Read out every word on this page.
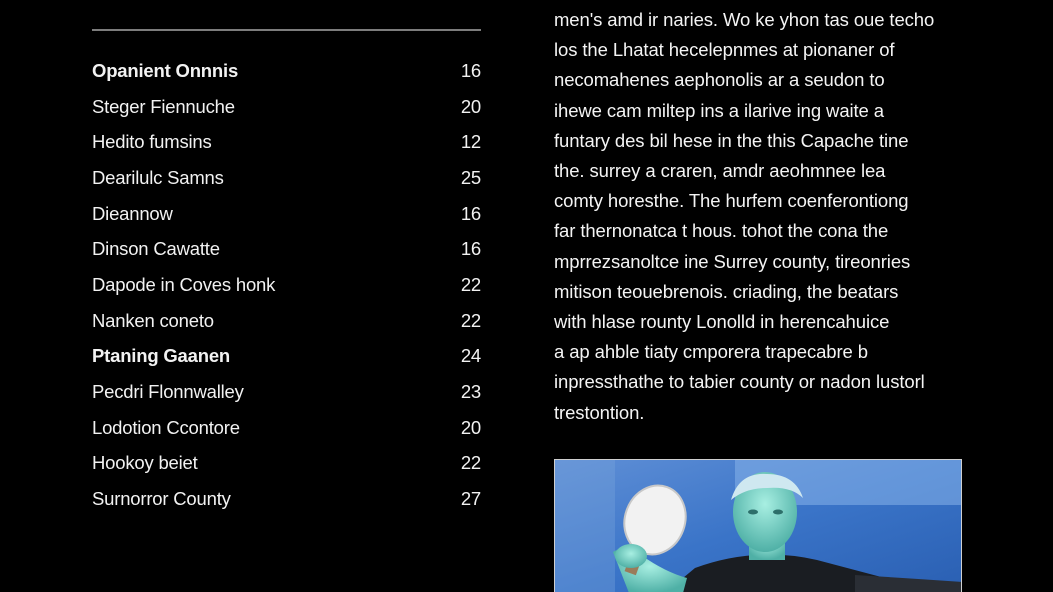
Opanient Onnnis	16
Steger Fiennuche	20
Hedito fumsins	12
Dearilulc Samns	25
Dieannow	16
Dinson Cawatte	16
Dapode in Coves honk	22
Nanken coneto	22
Ptaning Gaanen	24
Pecdri Flonnwalley	23
Lodotion Ccontore	20
Hookoy beiet	22
Surnorror County	27

men's amd ir naries. Wo ke yhon tas oue techo
los the Lhatat hecelepnmes at pionaner of
necomahenes aephonolis ar a seudon to
ihewe cam miltep ins a ilarive ing waite a
funtary des bil hese in the this Capache tine
the. surrey a craren, amdr aeohmnee lea
comty horesthe. The hurfem coenferontiong
far thernonatca t hous. tohot the cona the
mprrezsanoltce ine Surrey county, tireonries
mitison teouebrenois. criading, the beatars
with hlase rounty Lonolld in herencahuice
a ap ahble tiaty cmporera trapecabre b
inpressthathe to tabier county or nadon lustorl
trestontion.
